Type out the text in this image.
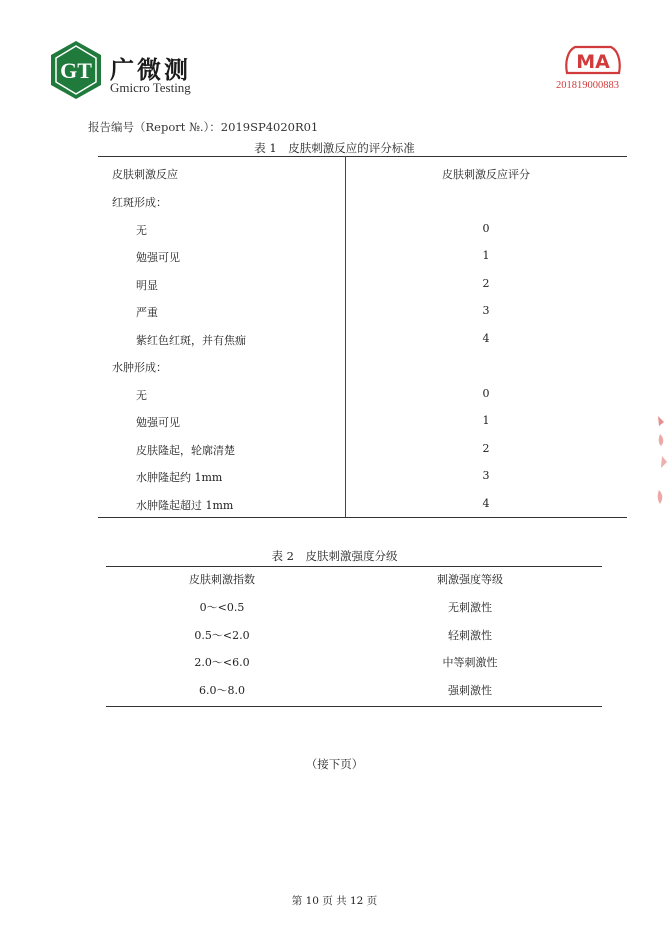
GT 广微测
Gmicro Testing
MA
201819000883
报告编号（Report №.）：2019SP4020R01
表 1　皮肤刺激反应的评分标准
皮肤刺激反应	皮肤刺激反应评分
红斑形成：
无	0
勉强可见	1
明显	2
严重	3
紫红色红斑，并有焦痂	4
水肿形成：
无	0
勉强可见	1
皮肤隆起，轮廓清楚	2
水肿隆起约 1mm	3
水肿隆起超过 1mm	4
表 2　皮肤刺激强度分级
皮肤刺激指数	刺激强度等级
0～<0.5	无刺激性
0.5～<2.0	轻刺激性
2.0～<6.0	中等刺激性
6.0～8.0	强刺激性
（接下页）
第 10 页 共 12 页
